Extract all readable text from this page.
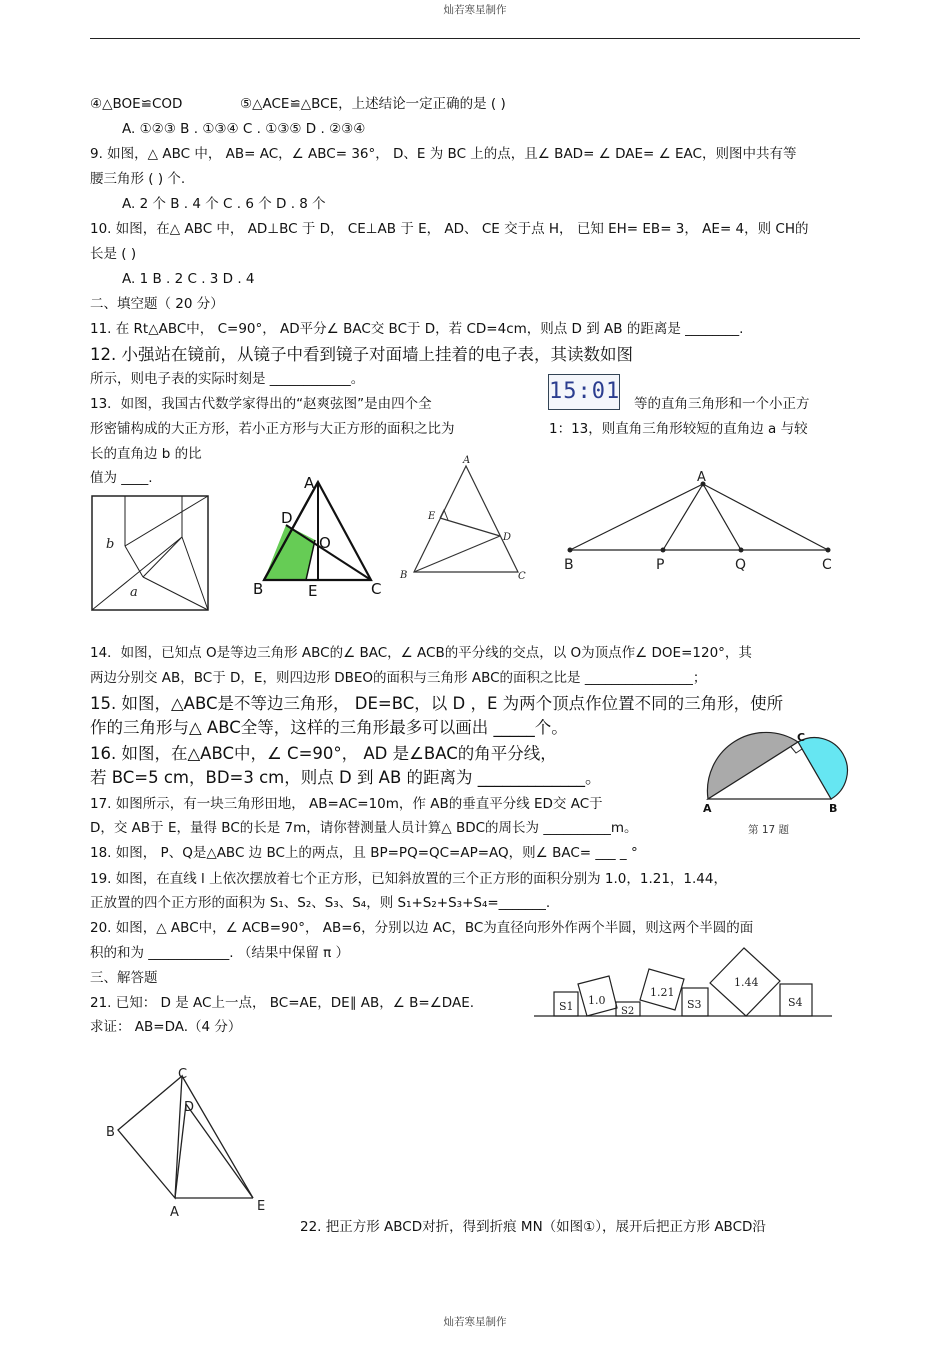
灿若寒星制作
④△BOE≌COD	⑤△ACE≌△BCE，上述结论一定正确的是 ( )
A. ①②③ B . ①③④ C . ①③⑤ D . ②③④
9. 如图，△ ABC 中， AB= AC，∠ ABC= 36°， D、E 为 BC 上的点，且∠ BAD= ∠ DAE= ∠ EAC，则图中共有等
腰三角形 ( ) 个.
A. 2 个 B . 4 个 C . 6 个 D . 8 个
10. 如图，在△ ABC 中， AD⊥BC 于 D， CE⊥AB 于 E， AD、 CE 交于点 H， 已知 EH= EB= 3， AE= 4，则 CH的
长是 ( )
A. 1 B . 2 C . 3 D . 4
二、填空题（ 20 分）
11. 在 Rt△ABC中， C=90°， AD平分∠ BAC交 BC于 D，若 CD=4cm，则点 D 到 AB 的距离是 ________.
12. 小强站在镜前，从镜子中看到镜子对面墙上挂着的电子表，其读数如图
所示，则电子表的实际时刻是 ____________。	15:01
13．如图，我国古代数学家得出的“赵爽弦图”是由四个全	等的直角三角形和一个小正方
形密铺构成的大正方形，若小正方形与大正方形的面积之比为	1：13，则直角三角形较短的直角边 a 与较
长的直角边 b 的比
值为 ____.
b
a
A
D
O
B	E	C
A
E
D
B	C
A
B	P	Q	C
14．如图，已知点 O是等边三角形 ABC的∠ BAC，∠ ACB的平分线的交点，以 O为顶点作∠ DOE=120°，其
两边分别交 AB，BC于 D，E，则四边形 DBEO的面积与三角形 ABC的面积之比是 ________________；
15. 如图，△ABC是不等边三角形， DE=BC，以 D ，E 为两个顶点作位置不同的三角形，使所
作的三角形与△ ABC全等，这样的三角形最多可以画出 _____个。
16. 如图，在△ABC中，∠ C=90°， AD 是∠BAC的角平分线，
若 BC=5 cm，BD=3 cm，则点 D 到 AB 的距离为 _____________。
A	B
C
17. 如图所示，有一块三角形田地， AB=AC=10m，作 AB的垂直平分线 ED交 AC于
D，交 AB于 E，量得 BC的长是 7m，请你替测量人员计算△ BDC的周长为 __________m。	第 17 题
18. 如图， P、Q是△ABC 边 BC上的两点，且 BP=PQ=QC=AP=AQ，则∠ BAC= ___ _ °
19. 如图，在直线 l 上依次摆放着七个正方形，已知斜放置的三个正方形的面积分别为 1.0，1.21，1.44，
正放置的四个正方形的面积为 S₁、S₂、S₃、S₄，则 S₁+S₂+S₃+S₄=_______.
20. 如图，△ ABC中，∠ ACB=90°， AB=6，分别以边 AC，BC为直径向形外作两个半圆，则这两个半圆的面
积的和为 ____________. （结果中保留 π ）
三、解答题
21. 已知： D 是 AC上一点， BC=AE，DE∥ AB，∠ B=∠DAE.
求证： AB=DA.（4 分）
S1 1.0
S2
1.21
S3
1.44
S4
C
D
B
A	E
22. 把正方形 ABCD对折，得到折痕 MN（如图①），展开后把正方形 ABCD沿
灿若寒星制作
